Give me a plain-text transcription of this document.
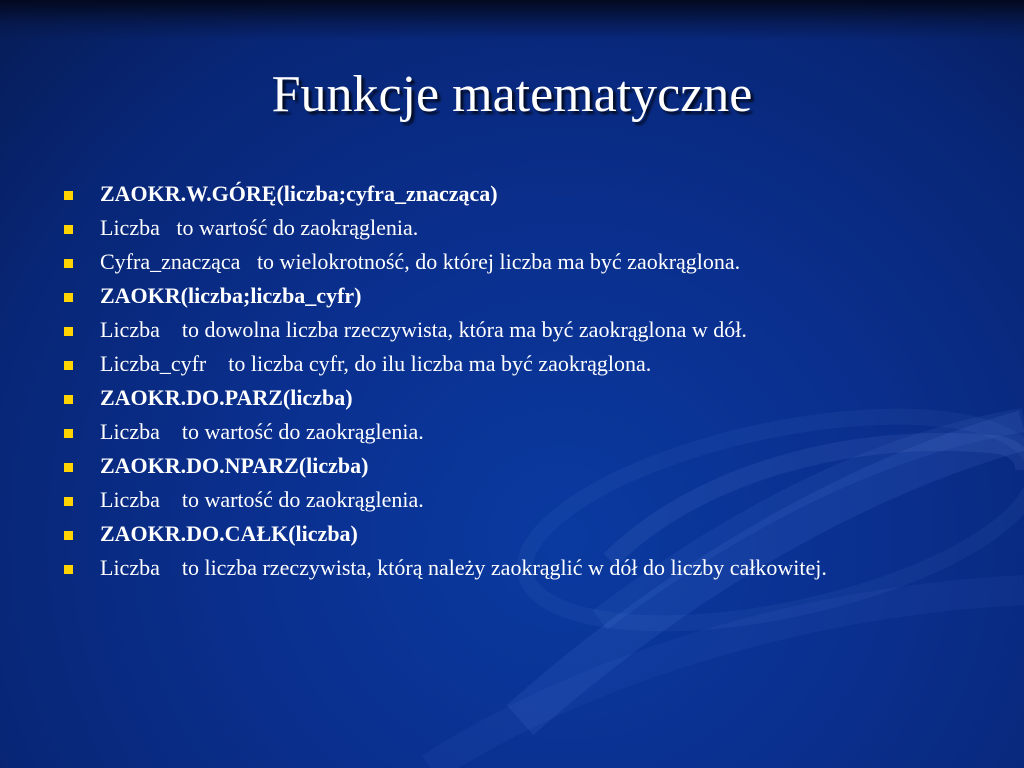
Funkcje matematyczne
ZAOKR.W.GÓRĘ(liczba;cyfra_znacząca)
Liczba   to wartość do zaokrąglenia.
Cyfra_znacząca   to wielokrotność, do której liczba ma być zaokrąglona.
ZAOKR(liczba;liczba_cyfr)
Liczba    to dowolna liczba rzeczywista, która ma być zaokrąglona w dół.
Liczba_cyfr    to liczba cyfr, do ilu liczba ma być zaokrąglona.
ZAOKR.DO.PARZ(liczba)
Liczba    to wartość do zaokrąglenia.
ZAOKR.DO.NPARZ(liczba)
Liczba    to wartość do zaokrąglenia.
ZAOKR.DO.CAŁK(liczba)
Liczba    to liczba rzeczywista, którą należy zaokrąglić w dół do liczby całkowitej.
